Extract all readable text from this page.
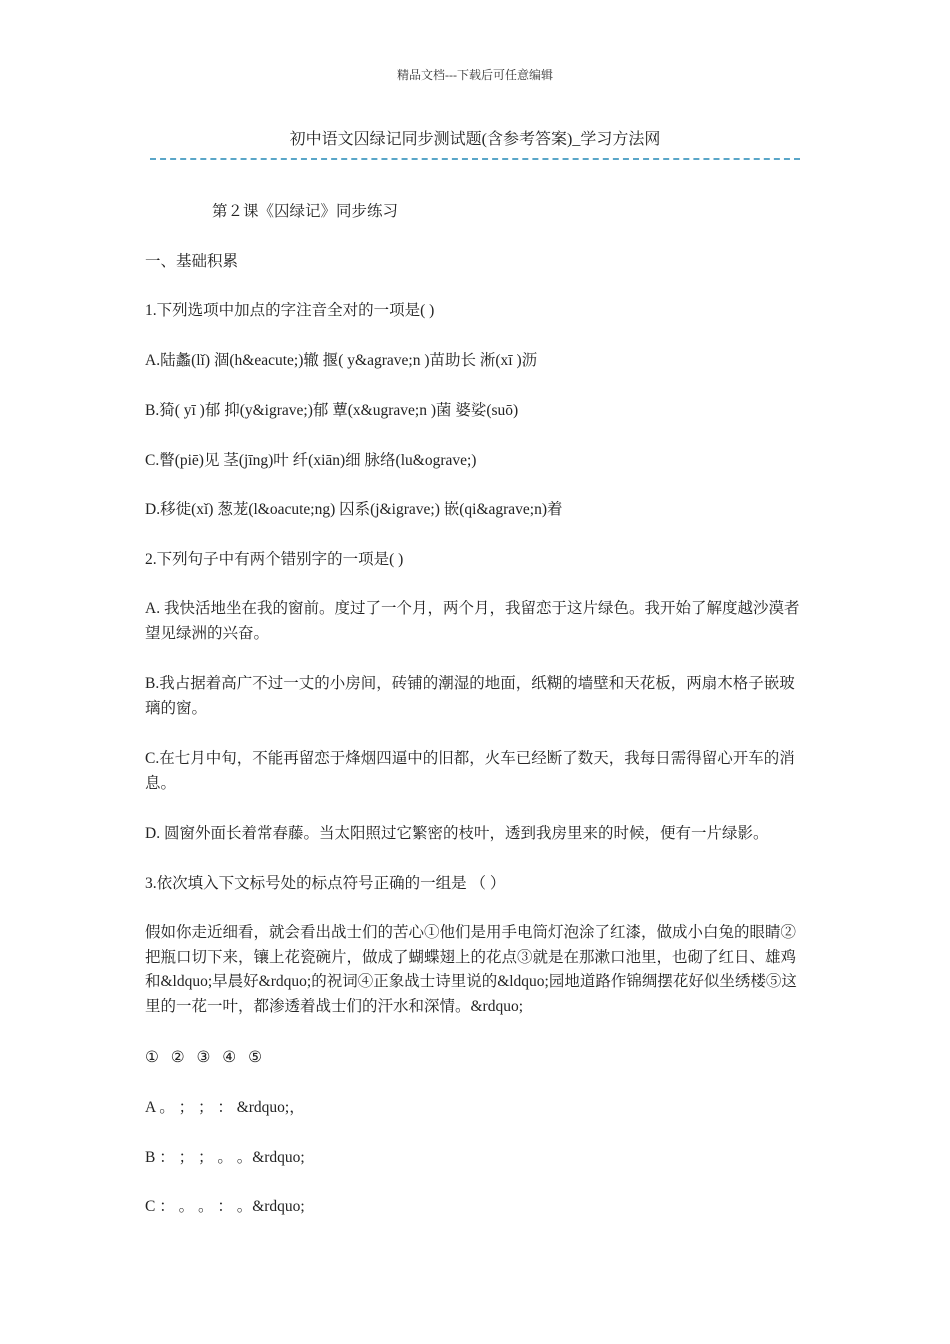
精品文档---下载后可任意编辑
初中语文囚绿记同步测试题(含参考答案)_学习方法网

第２课《囚绿记》同步练习

一、基础积累

1.下列选项中加点的字注音全对的一项是( )

A.陆蠡(lǐ) 涸(h&eacute;)辙 揠( y&agrave;n )苗助长 淅(xī )沥

B.猗( yī )郁 抑(y&igrave;)郁 蕈(x&ugrave;n )菌 婆娑(suō)

C.瞥(piē)见 茎(jīng)叶 纤(xiān)细 脉络(lu&ograve;)

D.移徙(xǐ) 葱茏(l&oacute;ng) 囚系(j&igrave;) 嵌(qi&agrave;n)着

2.下列句子中有两个错别字的一项是( )

A. 我快活地坐在我的窗前。度过了一个月，两个月，我留恋于这片绿色。我开始了解度越沙漠者望见绿洲的兴奋。

B.我占据着高广不过一丈的小房间，砖铺的潮湿的地面，纸糊的墙壁和天花板，两扇木格子嵌玻璃的窗。

C.在七月中旬，不能再留恋于烽烟四逼中的旧都，火车已经断了数天，我每日需得留心开车的消息。

D. 圆窗外面长着常春藤。当太阳照过它繁密的枝叶，透到我房里来的时候，便有一片绿影。

3.依次填入下文标号处的标点符号正确的一组是 （ ）

假如你走近细看，就会看出战士们的苦心①他们是用手电筒灯泡涂了红漆，做成小白兔的眼睛②把瓶口切下来，镶上花瓷碗片，做成了蝴蝶翅上的花点③就是在那漱口池里，也砌了红日、雄鸡和&ldquo;早晨好&rdquo;的祝词④正象战士诗里说的&ldquo;园地道路作锦绸摆花好似坐绣楼⑤这里的一花一叶，都渗透着战士们的汗水和深情。&rdquo;

① ② ③ ④ ⑤

A 。 ； ； ： &rdquo;，

B ： ； ； 。 。&rdquo;

C ： 。 。 ： 。&rdquo;
